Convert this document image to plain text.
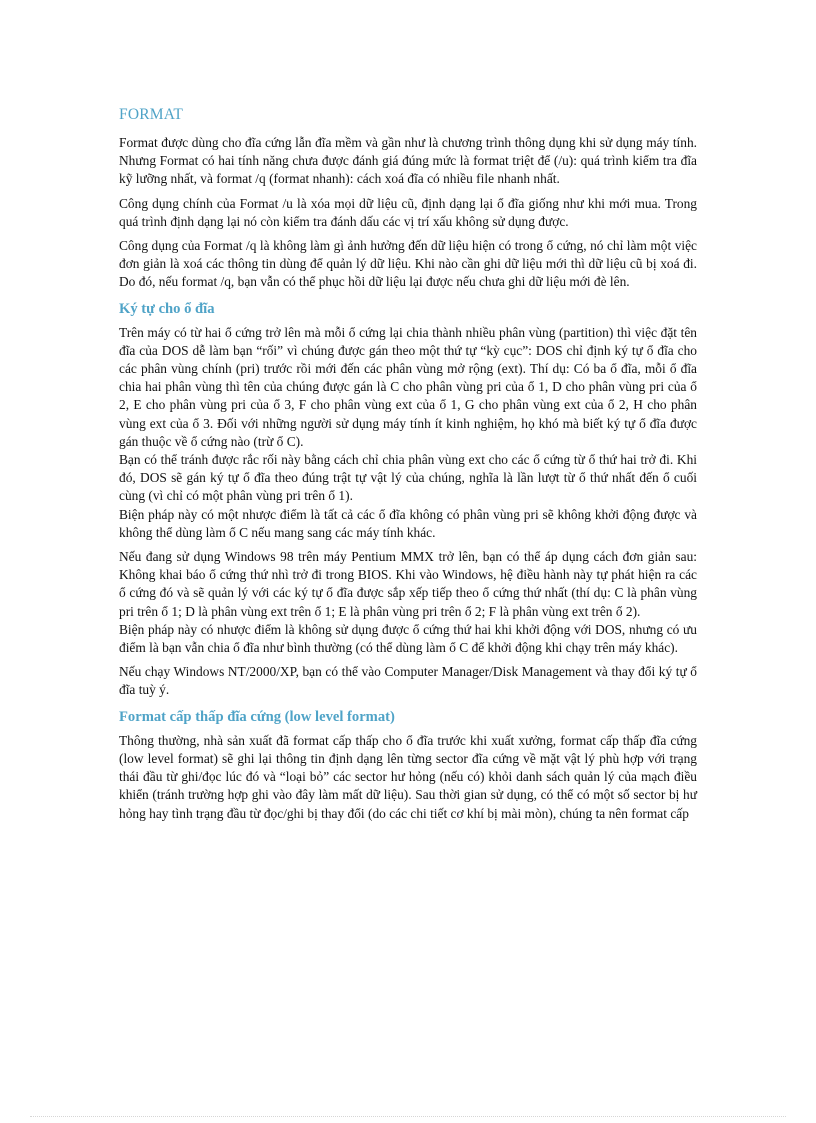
FORMAT

Format được dùng cho đĩa cứng lẫn đĩa mềm và gần như là chương trình thông dụng khi sử dụng máy tính. Nhưng Format có hai tính năng chưa được đánh giá đúng mức là format triệt để (/u): quá trình kiểm tra đĩa kỹ lưỡng nhất, và format /q (format nhanh): cách xoá đĩa có nhiều file nhanh nhất.

Công dụng chính của Format /u là xóa mọi dữ liệu cũ, định dạng lại ổ đĩa giống như khi mới mua. Trong quá trình định dạng lại nó còn kiểm tra đánh dấu các vị trí xấu không sử dụng được.

Công dụng của Format /q là không làm gì ảnh hưởng đến dữ liệu hiện có trong ổ cứng, nó chỉ làm một việc đơn giản là xoá các thông tin dùng để quản lý dữ liệu. Khi nào cần ghi dữ liệu mới thì dữ liệu cũ bị xoá đi. Do đó, nếu format /q, bạn vẫn có thể phục hồi dữ liệu lại được nếu chưa ghi dữ liệu mới đè lên.

Ký tự cho ổ đĩa

Trên máy có từ hai ổ cứng trở lên mà mỗi ổ cứng lại chia thành nhiều phân vùng (partition) thì việc đặt tên đĩa của DOS dễ làm bạn “rối” vì chúng được gán theo một thứ tự “kỳ cục”: DOS chỉ định ký tự ổ đĩa cho các phân vùng chính (pri) trước rồi mới đến các phân vùng mở rộng (ext). Thí dụ: Có ba ổ đĩa, mỗi ổ đĩa chia hai phân vùng thì tên của chúng được gán là C cho phân vùng pri của ổ 1, D cho phân vùng pri của ổ 2, E cho phân vùng pri của ổ 3, F cho phân vùng ext của ổ 1, G cho phân vùng ext của ổ 2, H cho phân vùng ext của ổ 3. Đối với những người sử dụng máy tính ít kinh nghiệm, họ khó mà biết ký tự ổ đĩa được gán thuộc về ổ cứng nào (trừ ổ C).

Bạn có thể tránh được rắc rối này bằng cách chỉ chia phân vùng ext cho các ổ cứng từ ổ thứ hai trở đi. Khi đó, DOS sẽ gán ký tự ổ đĩa theo đúng trật tự vật lý của chúng, nghĩa là lần lượt từ ổ thứ nhất đến ổ cuối cùng (vì chỉ có một phân vùng pri trên ổ 1).

Biện pháp này có một nhược điểm là tất cả các ổ đĩa không có phân vùng pri sẽ không khởi động được và không thể dùng làm ổ C nếu mang sang các máy tính khác.

Nếu đang sử dụng Windows 98 trên máy Pentium MMX trở lên, bạn có thể áp dụng cách đơn giản sau: Không khai báo ổ cứng thứ nhì trở đi trong BIOS. Khi vào Windows, hệ điều hành này tự phát hiện ra các ổ cứng đó và sẽ quản lý với các ký tự ổ đĩa được sắp xếp tiếp theo ổ cứng thứ nhất (thí dụ: C là phân vùng pri trên ổ 1; D là phân vùng ext trên ổ 1; E là phân vùng pri trên ổ 2; F là phân vùng ext trên ổ 2).

Biện pháp này có nhược điểm là không sử dụng được ổ cứng thứ hai khi khởi động với DOS, nhưng có ưu điểm là bạn vẫn chia ổ đĩa như bình thường (có thể dùng làm ổ C để khởi động khi chạy trên máy khác).

Nếu chạy Windows NT/2000/XP, bạn có thể vào Computer Manager/Disk Management và thay đổi ký tự ổ đĩa tuỳ ý.

Format cấp thấp đĩa cứng (low level format)

Thông thường, nhà sản xuất đã format cấp thấp cho ổ đĩa trước khi xuất xưởng, format cấp thấp đĩa cứng (low level format) sẽ ghi lại thông tin định dạng lên từng sector đĩa cứng về mặt vật lý phù hợp với trạng thái đầu từ ghi/đọc lúc đó và “loại bỏ” các sector hư hỏng (nếu có) khỏi danh sách quản lý của mạch điều khiển (tránh trường hợp ghi vào đây làm mất dữ liệu). Sau thời gian sử dụng, có thể có một số sector bị hư hỏng hay tình trạng đầu từ đọc/ghi bị thay đổi (do các chi tiết cơ khí bị mài mòn), chúng ta nên format cấp
